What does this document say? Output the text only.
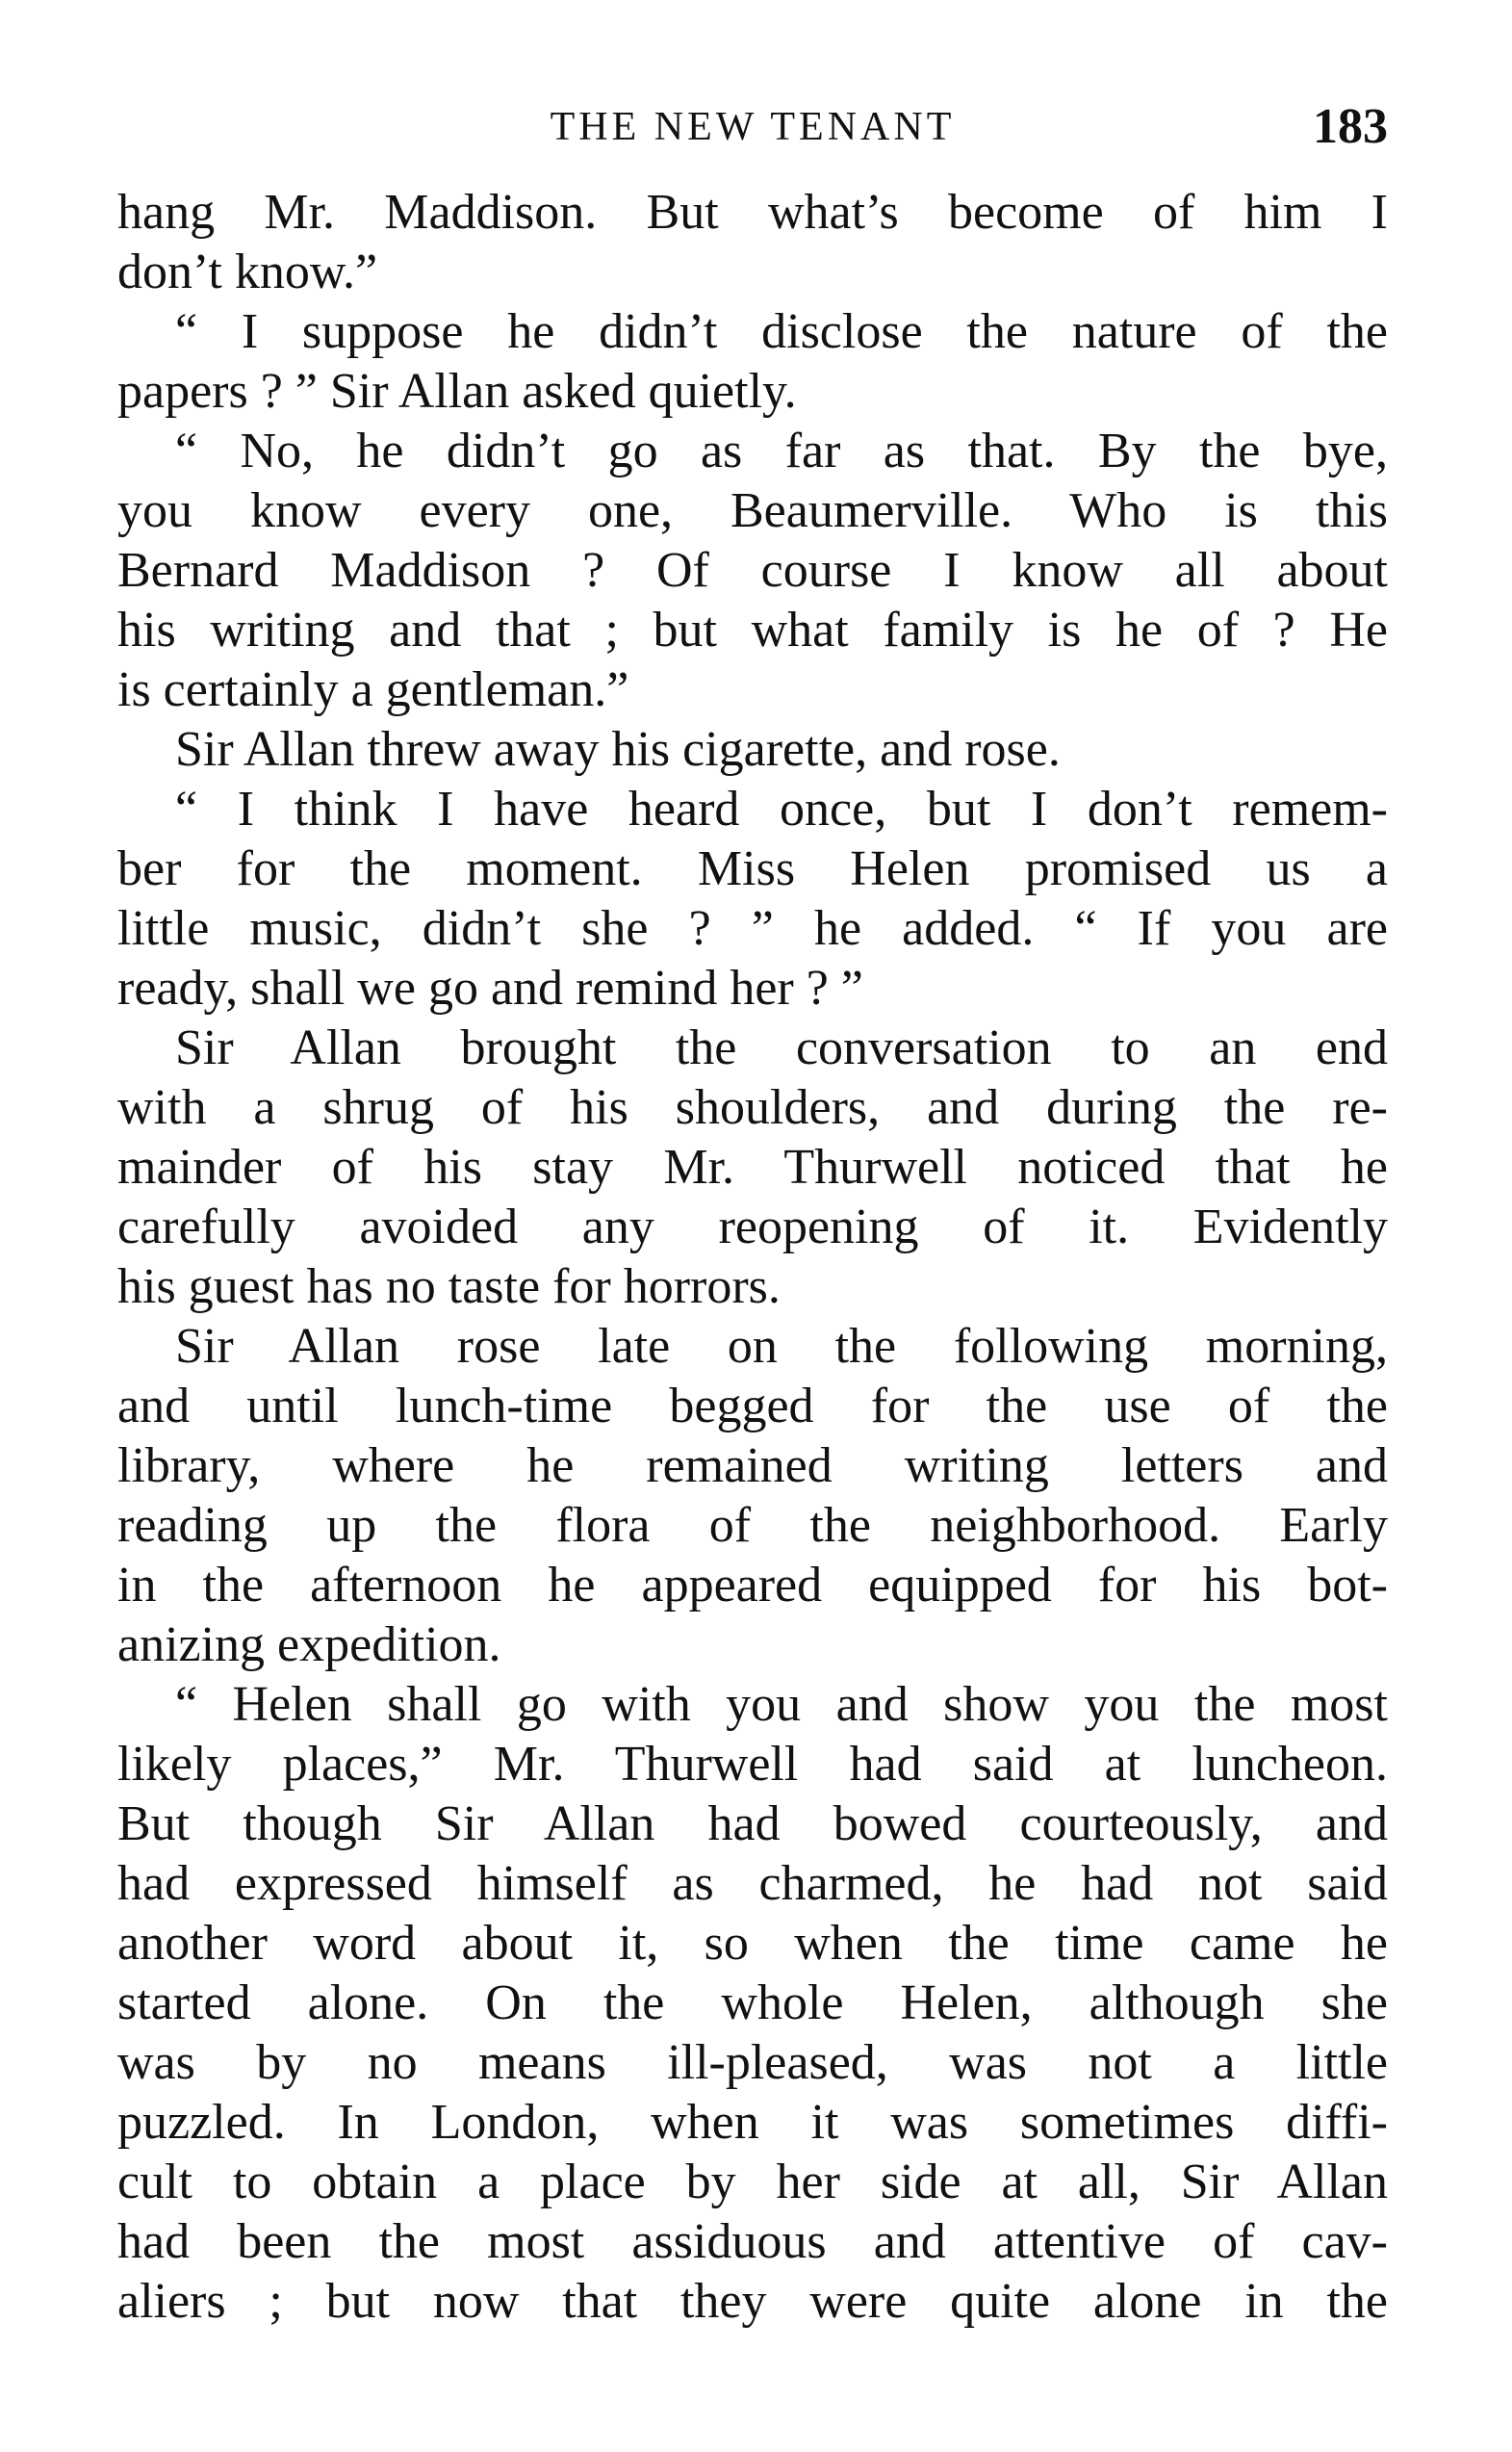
THE NEW TENANT	183
hang Mr. Maddison. But what’s become of him I
don’t know.”
“ I suppose he didn’t disclose the nature of the
papers ? ” Sir Allan asked quietly.
“ No, he didn’t go as far as that. By the bye,
you know every one, Beaumerville. Who is this
Bernard Maddison ? Of course I know all about
his writing and that ; but what family is he of ? He
is certainly a gentleman.”
Sir Allan threw away his cigarette, and rose.
“ I think I have heard once, but I don’t remem-
ber for the moment. Miss Helen promised us a
little music, didn’t she ? ” he added. “ If you are
ready, shall we go and remind her ? ”
Sir Allan brought the conversation to an end
with a shrug of his shoulders, and during the re-
mainder of his stay Mr. Thurwell noticed that he
carefully avoided any reopening of it. Evidently
his guest has no taste for horrors.
Sir Allan rose late on the following morning,
and until lunch-time begged for the use of the
library, where he remained writing letters and
reading up the flora of the neighborhood. Early
in the afternoon he appeared equipped for his bot-
anizing expedition.
“ Helen shall go with you and show you the most
likely places,” Mr. Thurwell had said at luncheon.
But though Sir Allan had bowed courteously, and
had expressed himself as charmed, he had not said
another word about it, so when the time came he
started alone. On the whole Helen, although she
was by no means ill-pleased, was not a little
puzzled. In London, when it was sometimes diffi-
cult to obtain a place by her side at all, Sir Allan
had been the most assiduous and attentive of cav-
aliers ; but now that they were quite alone in the
